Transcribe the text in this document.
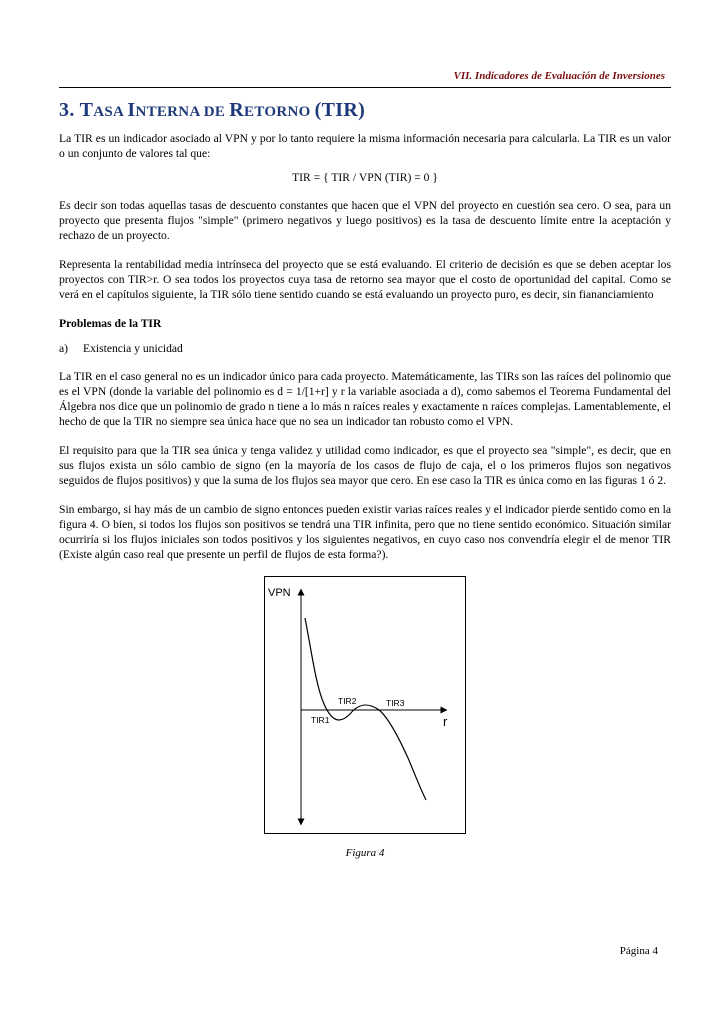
VII. Indicadores de Evaluación de Inversiones
3. TASA INTERNA DE RETORNO (TIR)

La TIR es un indicador asociado al VPN y por lo tanto requiere la misma información necesaria para calcularla. La TIR es un valor o un conjunto de valores tal que:

TIR = { TIR / VPN (TIR) = 0 }

Es decir son todas aquellas tasas de descuento constantes que hacen que el VPN del proyecto en cuestión sea cero. O sea, para un proyecto que presenta flujos "simple" (primero negativos y luego positivos) es la tasa de descuento límite entre la aceptación y rechazo de un proyecto.

Representa la rentabilidad media intrínseca del proyecto que se está evaluando. El criterio de decisión es que se deben aceptar los proyectos con TIR>r. O sea todos los proyectos cuya tasa de retorno sea mayor que el costo de oportunidad del capital. Como se verá en el capítulos siguiente, la TIR sólo tiene sentido cuando se está evaluando un proyecto puro, es decir, sin fiananciamiento

Problemas de la TIR

a) Existencia y unicidad

La TIR en el caso general no es un indicador único para cada proyecto. Matemáticamente, las TIRs son las raíces del polinomio que es el VPN (donde la variable del polinomio es d = 1/[1+r] y r la variable asociada a d), como sabemos el Teorema Fundamental del Álgebra nos dice que un polinomio de grado n tiene a lo más n raíces reales y exactamente n raíces complejas. Lamentablemente, el hecho de que la TIR no siempre sea única hace que no sea un indicador tan robusto como el VPN.

El requisito para que la TIR sea única y tenga validez y utilidad como indicador, es que el proyecto sea "simple", es decir, que en sus flujos exista un sólo cambio de signo (en la mayoría de los casos de flujo de caja, el o los primeros flujos son negativos seguidos de flujos positivos) y que la suma de los flujos sea mayor que cero. En ese caso la TIR es única como en las figuras 1 ó 2.

Sin embargo, si hay más de un cambio de signo entonces pueden existir varias raíces reales y el indicador pierde sentido como en la figura 4. O bien, si todos los flujos son positivos se tendrá una TIR infinita, pero que no tiene sentido económico. Situación similar ocurriría si los flujos iniciales son todos positivos y los siguientes negativos, en cuyo caso nos convendría elegir el de menor TIR (Existe algún caso real que presente un perfil de flujos de esta forma?).

VPN
r
TIR1
TIR2	TIR3
Figura 4
Página 4
